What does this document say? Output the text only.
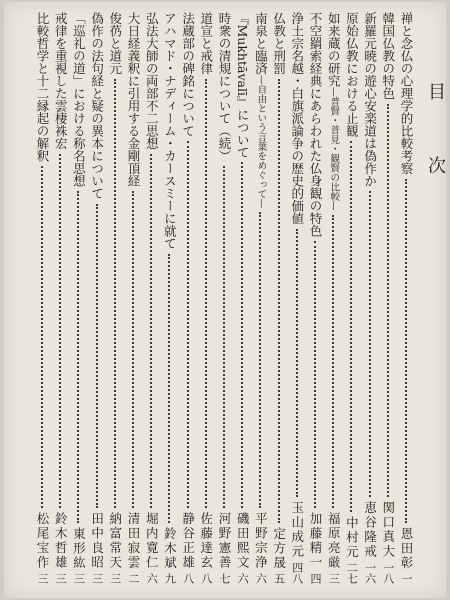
目次
禅と念仏の心理学的比較考察
恩田彰
一
韓国仏教の特色
関口真大
一八
新羅元暁の遊心安楽道は偽作か
恵谷隆戒
一六
原始仏教における止観
中村元
二七
如来蔵の研究
—普賢・普見・観賢の比較—
福原亮厳
三
不空羂索経典にあらわれた仏身観の特色
加藤精一
四
浄土宗名越・白旗派論争の歴史的価値
玉山成元
四八
仏教と刑罰
定方晟
五
南泉と臨済
—自由という言葉をめぐって—
平野宗浄
六
『Mukhtāvalī』について
磯田熙文
六
時衆の清規について（続）
河野憲善
七
道宣と戒律
佐藤達玄
八
法蔵部の碑銘について
静谷正雄
八
アハマド・ナディーム・カースミーに就て
鈴木斌
九
弘法大師の両部不二思想
堀内寛仁
六
大日経義釈に引用する金剛頂経
清田寂雲
二
俊芿と道元
納富常天
三
偽作の法句経と疑の異本について
田中良昭
三
「巡礼の道」における称名思想
東形紘
三
戒律を重視した雲棲袾宏
鈴木哲雄
三
比較哲学と十二縁起の解釈
松尾宝作
三
